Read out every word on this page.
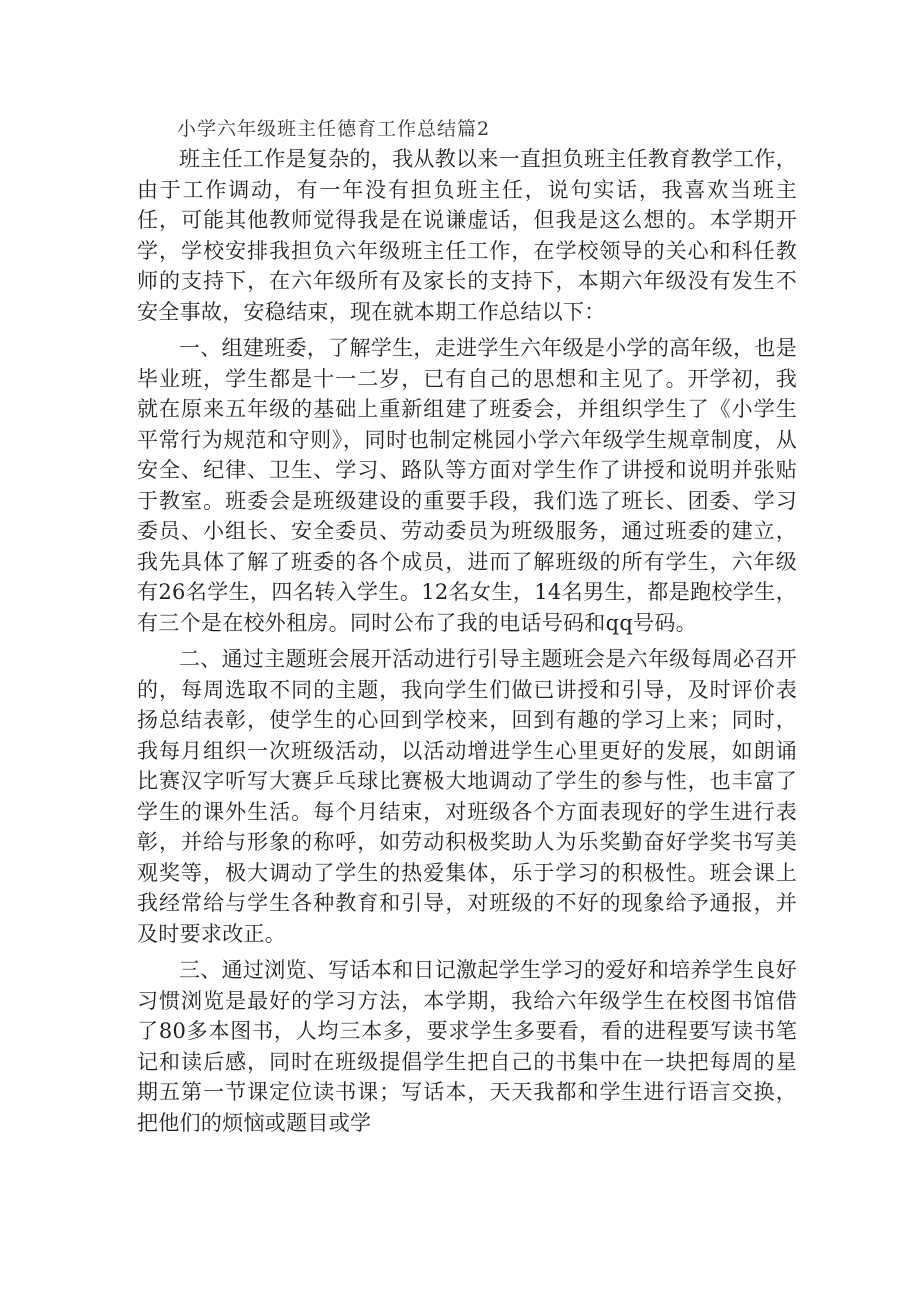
小学六年级班主任德育工作总结篇2

班主任工作是复杂的，我从教以来一直担负班主任教育教学工作，由于工作调动，有一年没有担负班主任，说句实话，我喜欢当班主任，可能其他教师觉得我是在说谦虚话，但我是这么想的。本学期开学，学校安排我担负六年级班主任工作，在学校领导的关心和科任教师的支持下，在六年级所有及家长的支持下，本期六年级没有发生不安全事故，安稳结束，现在就本期工作总结以下：

一、组建班委，了解学生，走进学生六年级是小学的高年级，也是毕业班，学生都是十一二岁，已有自己的思想和主见了。开学初，我就在原来五年级的基础上重新组建了班委会，并组织学生了《小学生平常行为规范和守则》，同时也制定桃园小学六年级学生规章制度，从安全、纪律、卫生、学习、路队等方面对学生作了讲授和说明并张贴于教室。班委会是班级建设的重要手段，我们选了班长、团委、学习委员、小组长、安全委员、劳动委员为班级服务，通过班委的建立，我先具体了解了班委的各个成员，进而了解班级的所有学生，六年级有26名学生，四名转入学生。12名女生，14名男生，都是跑校学生，有三个是在校外租房。同时公布了我的电话号码和qq号码。

二、通过主题班会展开活动进行引导主题班会是六年级每周必召开的，每周选取不同的主题，我向学生们做已讲授和引导，及时评价表扬总结表彰，使学生的心回到学校来，回到有趣的学习上来；同时，我每月组织一次班级活动，以活动增进学生心里更好的发展，如朗诵比赛汉字听写大赛乒乓球比赛极大地调动了学生的参与性，也丰富了学生的课外生活。每个月结束，对班级各个方面表现好的学生进行表彰，并给与形象的称呼，如劳动积极奖助人为乐奖勤奋好学奖书写美观奖等，极大调动了学生的热爱集体，乐于学习的积极性。班会课上我经常给与学生各种教育和引导，对班级的不好的现象给予通报，并及时要求改正。

三、通过浏览、写话本和日记激起学生学习的爱好和培养学生良好习惯浏览是最好的学习方法，本学期，我给六年级学生在校图书馆借了80多本图书，人均三本多，要求学生多要看，看的进程要写读书笔记和读后感，同时在班级提倡学生把自己的书集中在一块把每周的星期五第一节课定位读书课；写话本，天天我都和学生进行语言交换，把他们的烦恼或题目或学
